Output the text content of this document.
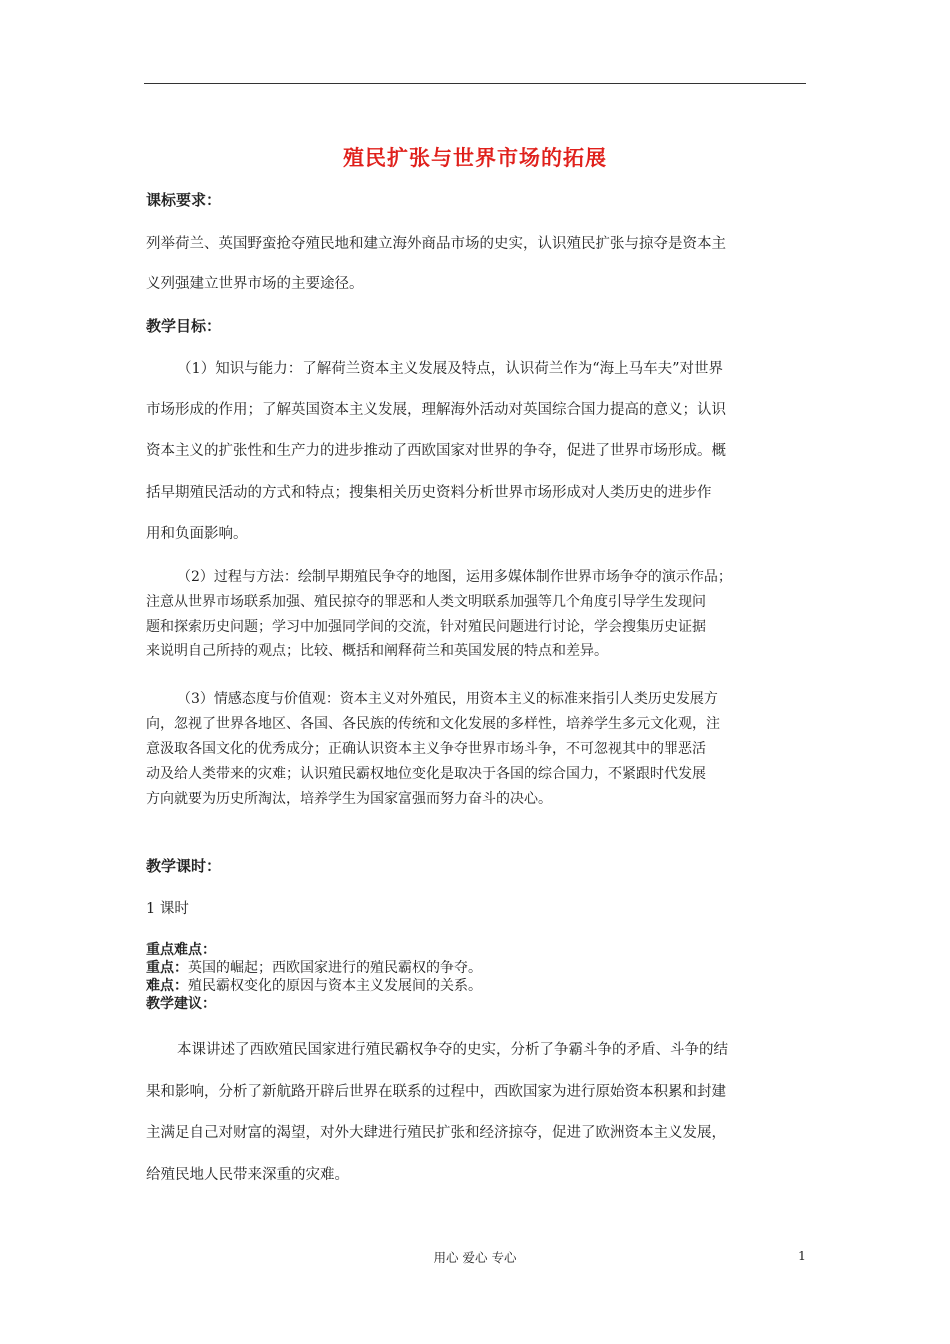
殖民扩张与世界市场的拓展
课标要求：
列举荷兰、英国野蛮抢夺殖民地和建立海外商品市场的史实，认识殖民扩张与掠夺是资本主
义列强建立世界市场的主要途径。
教学目标：
（1）知识与能力：了解荷兰资本主义发展及特点，认识荷兰作为“海上马车夫”对世界
市场形成的作用；了解英国资本主义发展，理解海外活动对英国综合国力提高的意义；认识
资本主义的扩张性和生产力的进步推动了西欧国家对世界的争夺，促进了世界市场形成。概
括早期殖民活动的方式和特点；搜集相关历史资料分析世界市场形成对人类历史的进步作
用和负面影响。
（2）过程与方法：绘制早期殖民争夺的地图，运用多媒体制作世界市场争夺的演示作品；
注意从世界市场联系加强、殖民掠夺的罪恶和人类文明联系加强等几个角度引导学生发现问
题和探索历史问题；学习中加强同学间的交流，针对殖民问题进行讨论，学会搜集历史证据
来说明自己所持的观点；比较、概括和阐释荷兰和英国发展的特点和差异。
（3）情感态度与价值观：资本主义对外殖民，用资本主义的标准来指引人类历史发展方
向，忽视了世界各地区、各国、各民族的传统和文化发展的多样性，培养学生多元文化观，注
意汲取各国文化的优秀成分；正确认识资本主义争夺世界市场斗争，不可忽视其中的罪恶活
动及给人类带来的灾难；认识殖民霸权地位变化是取决于各国的综合国力，不紧跟时代发展
方向就要为历史所淘汰，培养学生为国家富强而努力奋斗的决心。
教学课时：
1 课时
重点难点：
重点：英国的崛起；西欧国家进行的殖民霸权的争夺。
难点：殖民霸权变化的原因与资本主义发展间的关系。
教学建议：
本课讲述了西欧殖民国家进行殖民霸权争夺的史实，分析了争霸斗争的矛盾、斗争的结
果和影响，分析了新航路开辟后世界在联系的过程中，西欧国家为进行原始资本积累和封建
主满足自己对财富的渴望，对外大肆进行殖民扩张和经济掠夺，促进了欧洲资本主义发展，
给殖民地人民带来深重的灾难。
用心 爱心 专心	1
